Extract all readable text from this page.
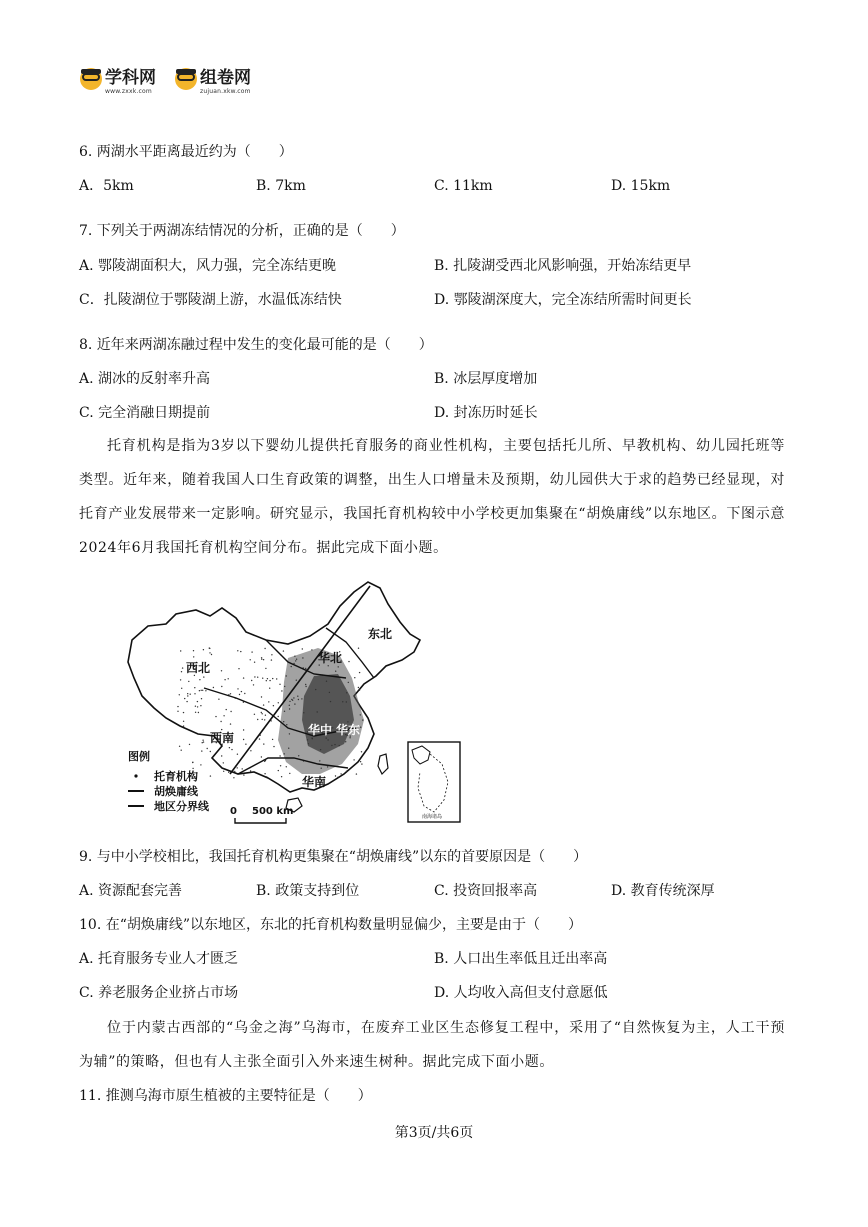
学科网
www.zxxk.com
组卷网
zujuan.xkw.com
6. 两湖水平距离最近约为（　　）
A．5km	B. 7km	C. 11km	D. 15km
7. 下列关于两湖冻结情况的分析，正确的是（　　）
A. 鄂陵湖面积大，风力强，完全冻结更晚	B. 扎陵湖受西北风影响强，开始冻结更早
C．扎陵湖位于鄂陵湖上游，水温低冻结快	D. 鄂陵湖深度大，完全冻结所需时间更长
8. 近年来两湖冻融过程中发生的变化最可能的是（　　）
A. 湖冰的反射率升高	B. 冰层厚度增加
C. 完全消融日期提前	D. 封冻历时延长

托育机构是指为3岁以下婴幼儿提供托育服务的商业性机构，主要包括托儿所、早教机构、幼儿园托班等类型。近年来，随着我国人口生育政策的调整，出生人口增量未及预期，幼儿园供大于求的趋势已经显现，对托育产业发展带来一定影响。研究显示，我国托育机构较中小学校更加集聚在“胡焕庸线”以东地区。下图示意2024年6月我国托育机构空间分布。据此完成下面小题。

东北
华北
西北
西南
华中 华东
华南
图例
托育机构
胡焕庸线
地区分界线 0 500 km	南海诸岛
9. 与中小学校相比，我国托育机构更集聚在“胡焕庸线”以东的首要原因是（　　）
A. 资源配套完善	B. 政策支持到位	C. 投资回报率高	D. 教育传统深厚
10. 在“胡焕庸线”以东地区，东北的托育机构数量明显偏少，主要是由于（　　）
A. 托育服务专业人才匮乏	B. 人口出生率低且迁出率高
C. 养老服务企业挤占市场	D. 人均收入高但支付意愿低

位于内蒙古西部的“乌金之海”乌海市，在废弃工业区生态修复工程中，采用了“自然恢复为主，人工干预为辅”的策略，但也有人主张全面引入外来速生树种。据此完成下面小题。

11. 推测乌海市原生植被的主要特征是（　　）
第3页/共6页
